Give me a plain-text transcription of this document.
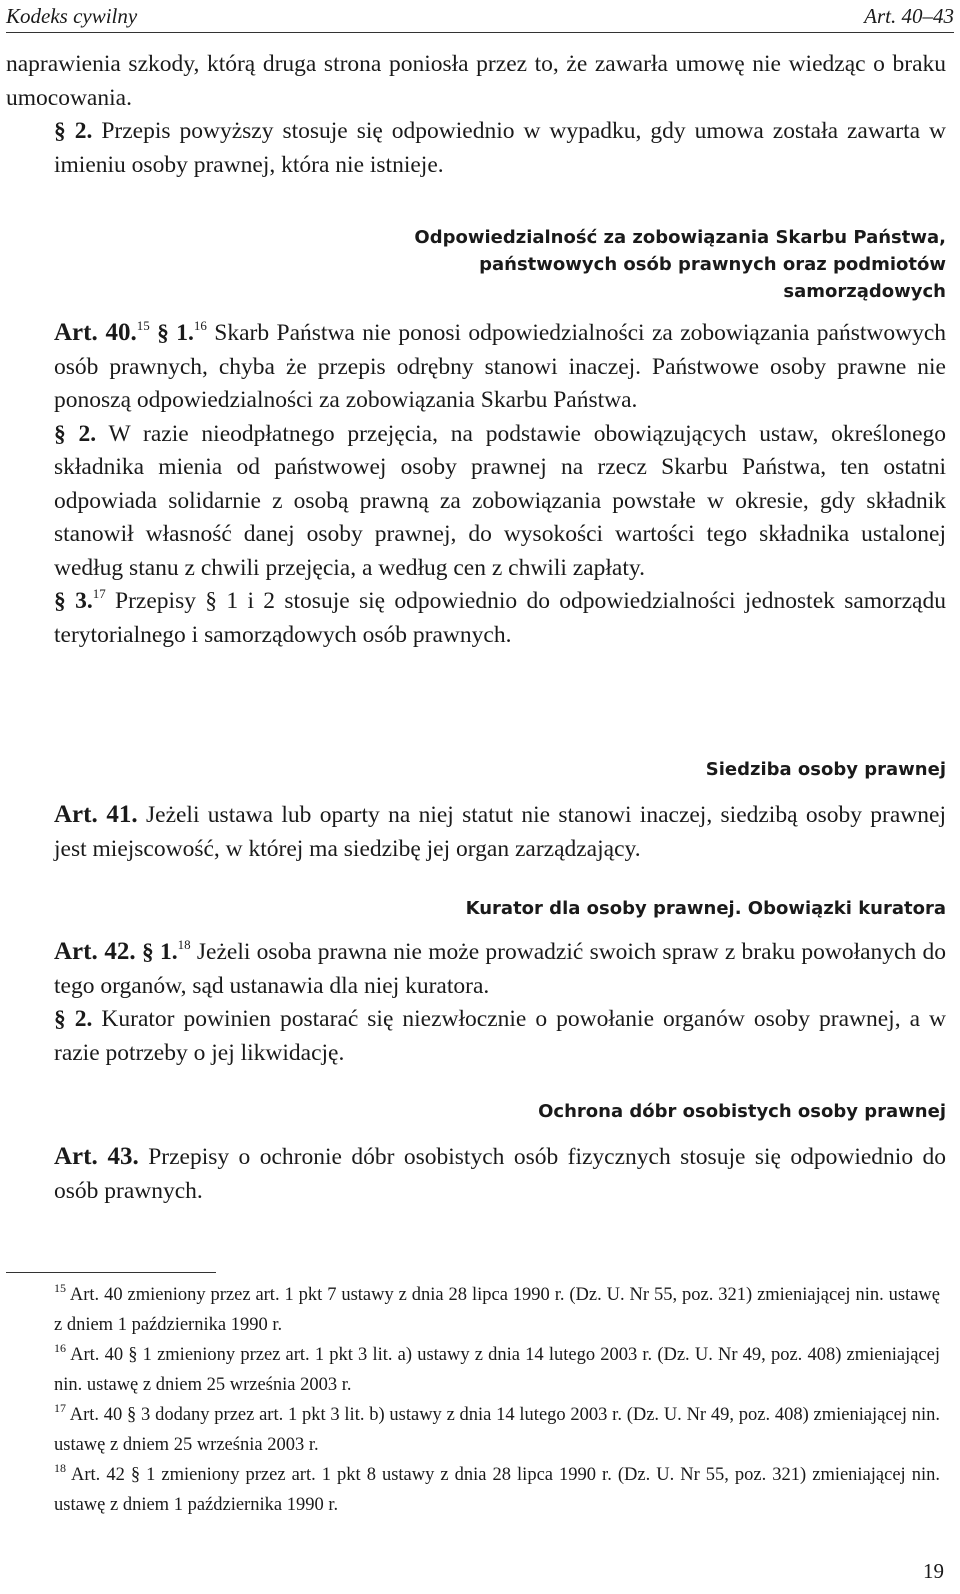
Kodeks cywilny	Art. 40–43

naprawienia szkody, którą druga strona poniosła przez to, że zawarła umowę nie wiedząc o braku umocowania.

§ 2. Przepis powyższy stosuje się odpowiednio w wypadku, gdy umowa została zawarta w imieniu osoby prawnej, która nie istnieje.

Odpowiedzialność za zobowiązania Skarbu Państwa,
państwowych osób prawnych oraz podmiotów
samorządowych

Art. 40.15 § 1.16 Skarb Państwa nie ponosi odpowiedzialności za zobowiązania państwowych osób prawnych, chyba że przepis odrębny stanowi inaczej. Państwowe osoby prawne nie ponoszą odpowiedzialności za zobowiązania Skarbu Państwa.

§ 2. W razie nieodpłatnego przejęcia, na podstawie obowiązujących ustaw, określonego składnika mienia od państwowej osoby prawnej na rzecz Skarbu Państwa, ten ostatni odpowiada solidarnie z osobą prawną za zobowiązania powstałe w okresie, gdy składnik stanowił własność danej osoby prawnej, do wysokości wartości tego składnika ustalonej według stanu z chwili przejęcia, a według cen z chwili zapłaty.

§ 3.17 Przepisy § 1 i 2 stosuje się odpowiednio do odpowiedzialności jednostek samorządu terytorialnego i samorządowych osób prawnych.

Siedziba osoby prawnej

Art. 41. Jeżeli ustawa lub oparty na niej statut nie stanowi inaczej, siedzibą osoby prawnej jest miejscowość, w której ma siedzibę jej organ zarządzający.

Kurator dla osoby prawnej. Obowiązki kuratora

Art. 42. § 1.18 Jeżeli osoba prawna nie może prowadzić swoich spraw z braku powołanych do tego organów, sąd ustanawia dla niej kuratora.

§ 2. Kurator powinien postarać się niezwłocznie o powołanie organów osoby prawnej, a w razie potrzeby o jej likwidację.

Ochrona dóbr osobistych osoby prawnej

Art. 43. Przepisy o ochronie dóbr osobistych osób fizycznych stosuje się odpowiednio do osób prawnych.

$^{15}$ Art. 40 zmieniony przez art. 1 pkt 7 ustawy z dnia 28 lipca 1990 r. (Dz. U. Nr 55, poz. 321) zmieniającej nin. ustawę z dniem 1 października 1990 r.

$^{16}$ Art. 40 § 1 zmieniony przez art. 1 pkt 3 lit. a) ustawy z dnia 14 lutego 2003 r. (Dz. U. Nr 49, poz. 408) zmieniającej nin. ustawę z dniem 25 września 2003 r.

$^{17}$ Art. 40 § 3 dodany przez art. 1 pkt 3 lit. b) ustawy z dnia 14 lutego 2003 r. (Dz. U. Nr 49, poz. 408) zmieniającej nin. ustawę z dniem 25 września 2003 r.

$^{18}$ Art. 42 § 1 zmieniony przez art. 1 pkt 8 ustawy z dnia 28 lipca 1990 r. (Dz. U. Nr 55, poz. 321) zmieniającej nin. ustawę z dniem 1 października 1990 r.

19
